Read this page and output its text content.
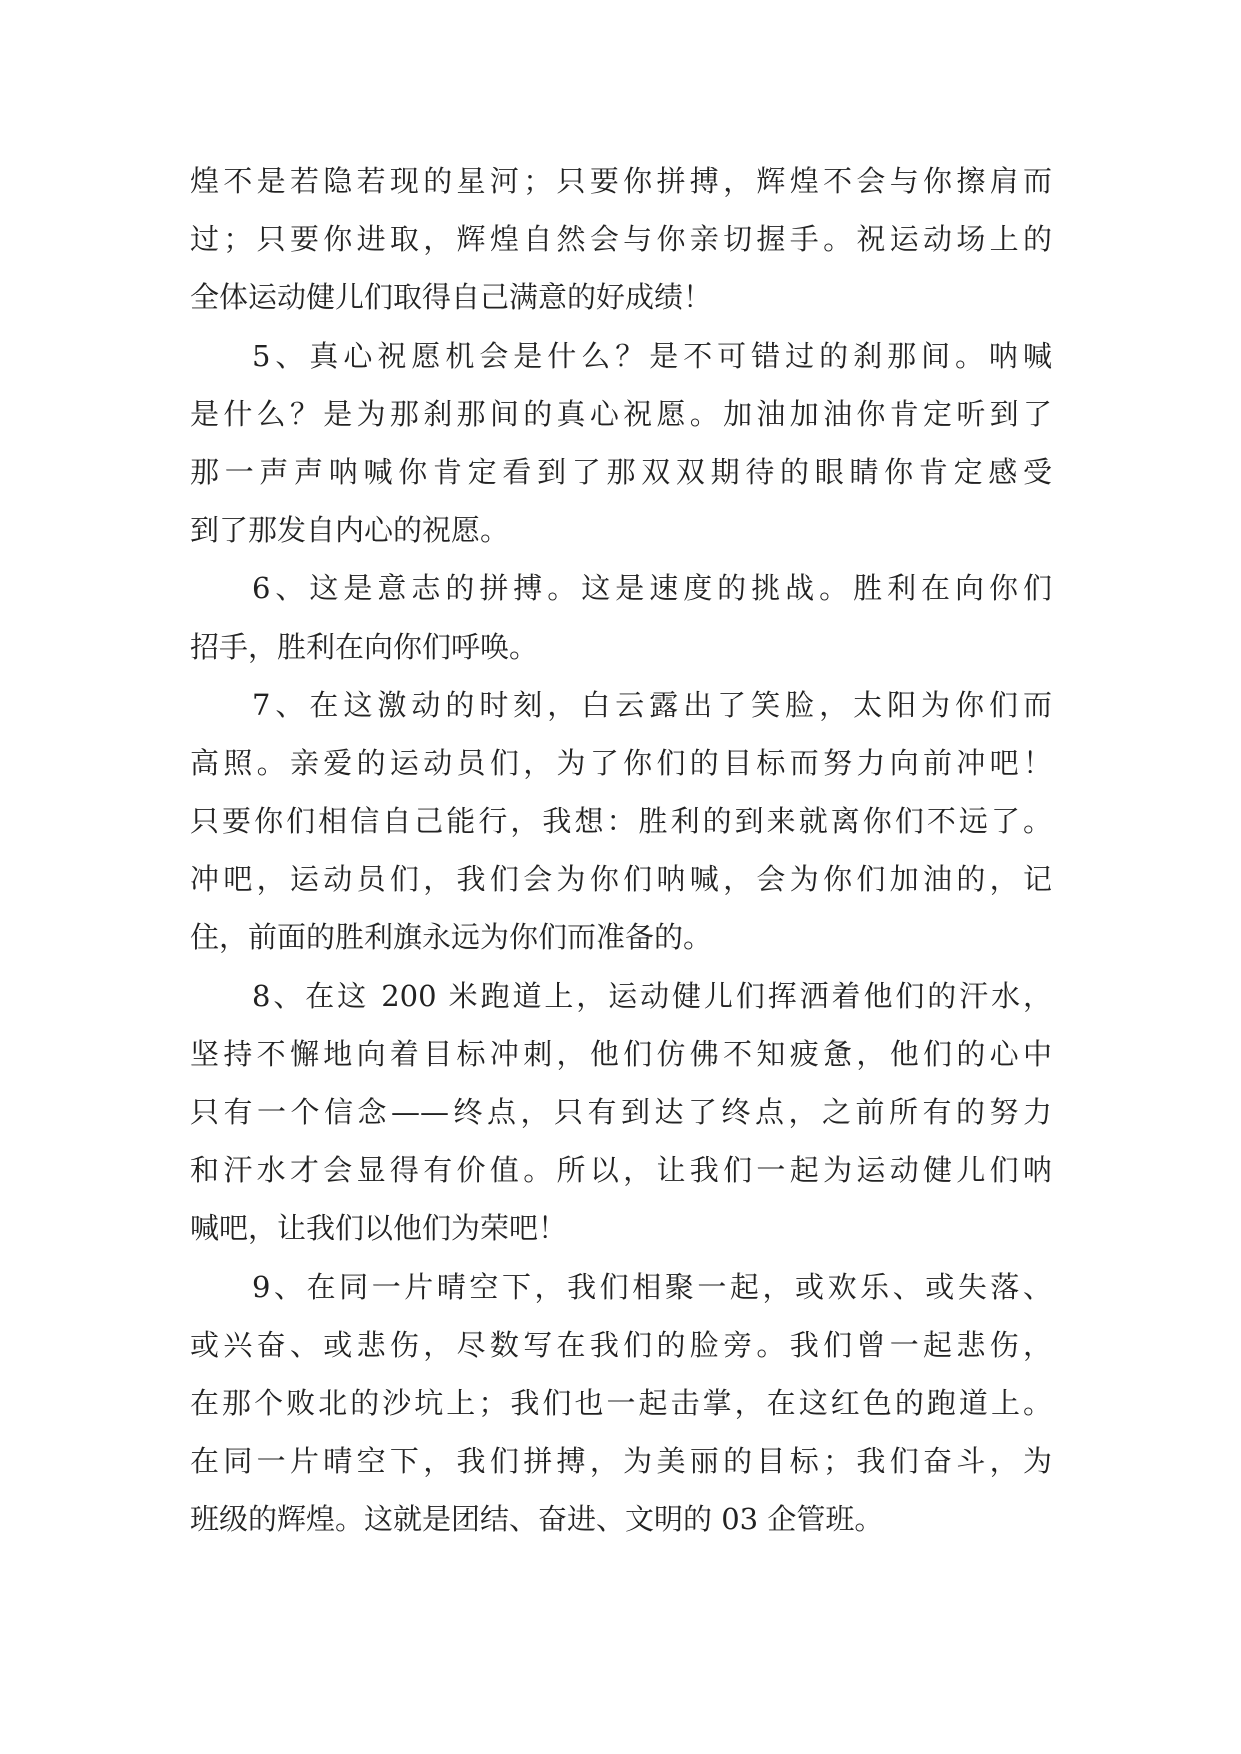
煌不是若隐若现的星河；只要你拼搏，辉煌不会与你擦肩而
过；只要你进取，辉煌自然会与你亲切握手。祝运动场上的
全体运动健儿们取得自己满意的好成绩！
5、真心祝愿机会是什么？是不可错过的刹那间。呐喊
是什么？是为那刹那间的真心祝愿。加油加油你肯定听到了
那一声声呐喊你肯定看到了那双双期待的眼睛你肯定感受
到了那发自内心的祝愿。
6、这是意志的拼搏。这是速度的挑战。胜利在向你们
招手，胜利在向你们呼唤。
7、在这激动的时刻，白云露出了笑脸，太阳为你们而
高照。亲爱的运动员们，为了你们的目标而努力向前冲吧！
只要你们相信自己能行，我想：胜利的到来就离你们不远了。
冲吧，运动员们，我们会为你们呐喊，会为你们加油的，记
住，前面的胜利旗永远为你们而准备的。
8、在这 200 米跑道上，运动健儿们挥洒着他们的汗水，
坚持不懈地向着目标冲刺，他们仿佛不知疲惫，他们的心中
只有一个信念——终点，只有到达了终点，之前所有的努力
和汗水才会显得有价值。所以，让我们一起为运动健儿们呐
喊吧，让我们以他们为荣吧！
9、在同一片晴空下，我们相聚一起，或欢乐、或失落、
或兴奋、或悲伤，尽数写在我们的脸旁。我们曾一起悲伤，
在那个败北的沙坑上；我们也一起击掌，在这红色的跑道上。
在同一片晴空下，我们拼搏，为美丽的目标；我们奋斗，为
班级的辉煌。这就是团结、奋进、文明的 03 企管班。
